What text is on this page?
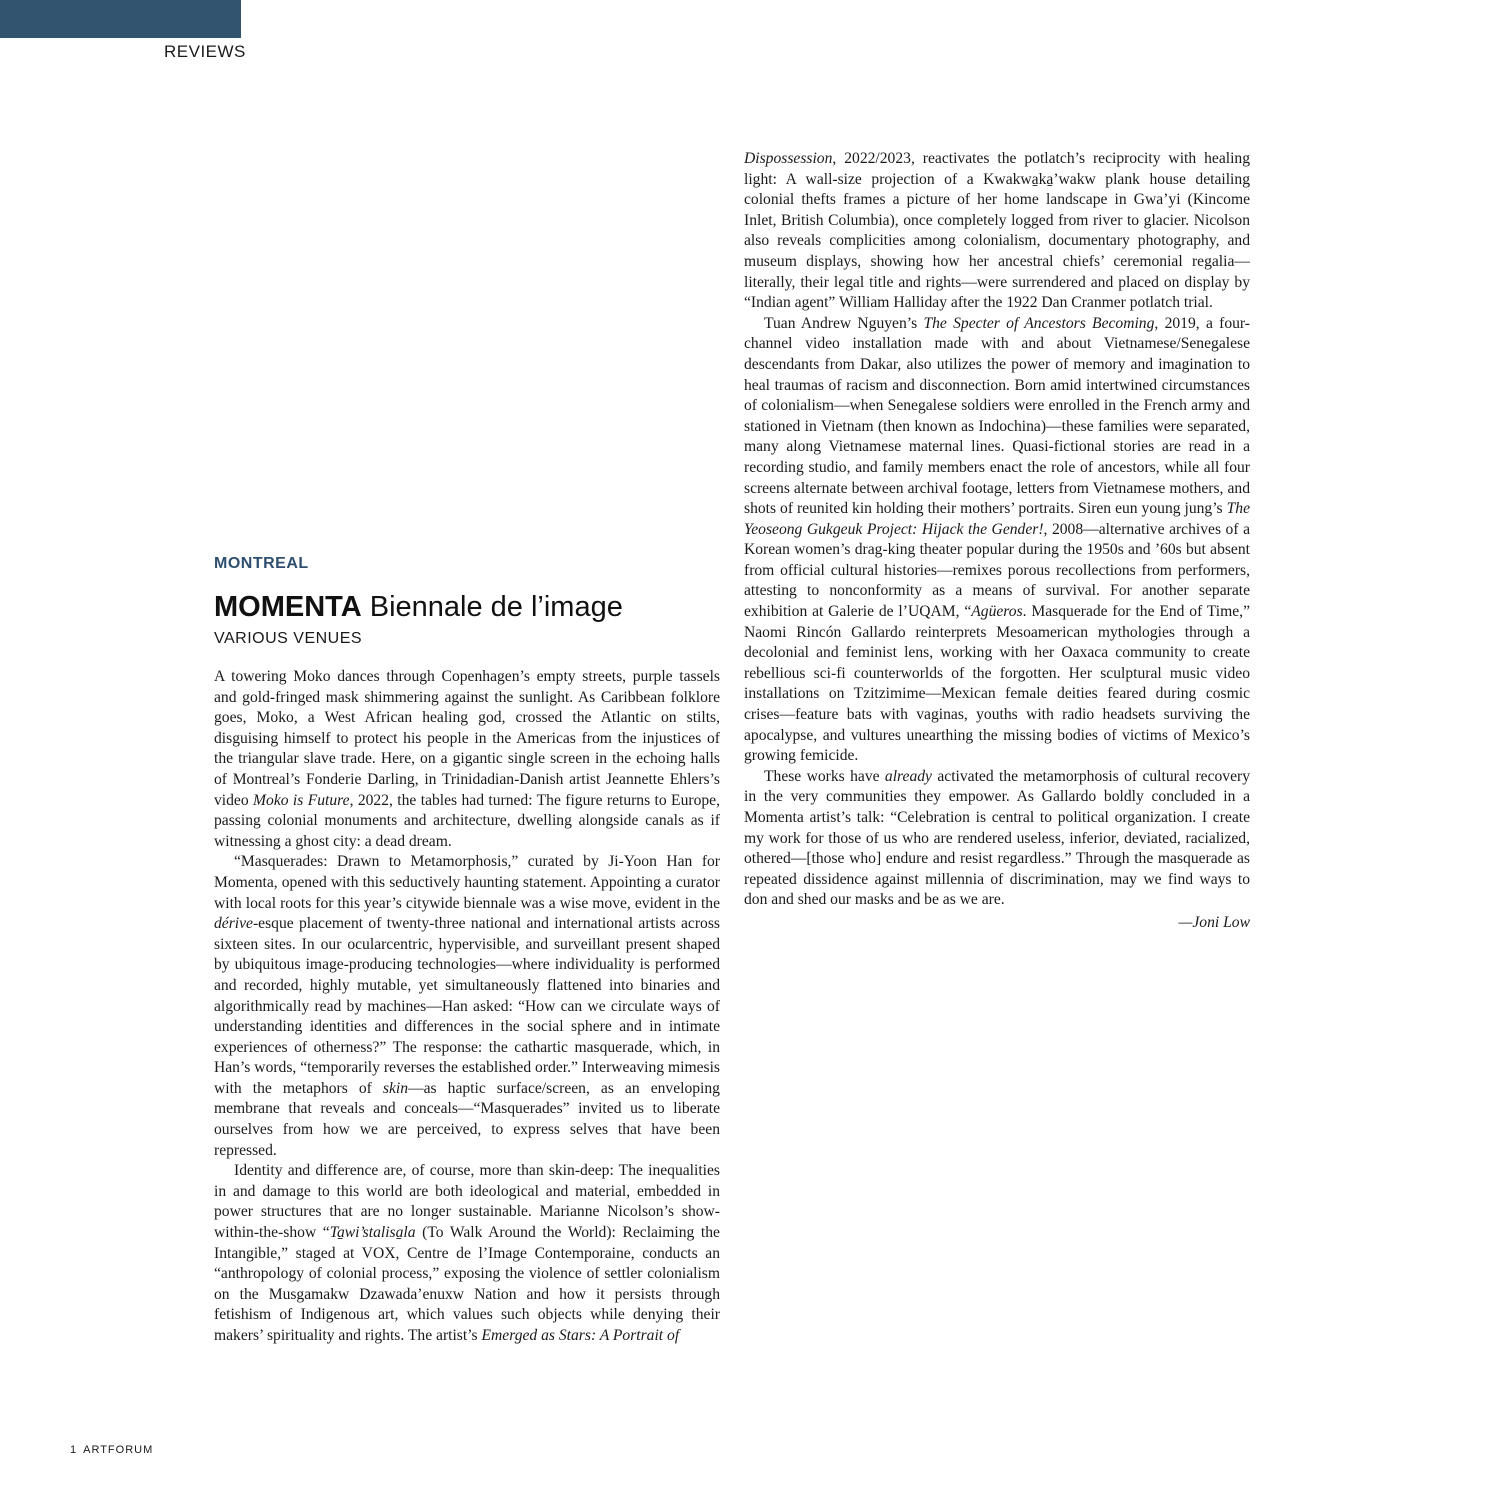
REVIEWS
MONTREAL
MOMENTA Biennale de l’image
VARIOUS VENUES

A towering Moko dances through Copenhagen’s empty streets, purple tassels and gold-fringed mask shimmering against the sunlight. As Caribbean folklore goes, Moko, a West African healing god, crossed the Atlantic on stilts, disguising himself to protect his people in the Americas from the injustices of the triangular slave trade. Here, on a gigantic single screen in the echoing halls of Montreal’s Fonderie Darling, in Trinidadian-Danish artist Jeannette Ehlers’s video Moko is Future, 2022, the tables had turned: The figure returns to Europe, passing colonial monuments and architecture, dwelling alongside canals as if witnessing a ghost city: a dead dream.

“Masquerades: Drawn to Metamorphosis,” curated by Ji-Yoon Han for Momenta, opened with this seductively haunting statement. Appointing a curator with local roots for this year’s citywide biennale was a wise move, evident in the dérive-esque placement of twenty-three national and international artists across sixteen sites. In our ocularcentric, hypervisible, and surveillant present shaped by ubiquitous image-producing technologies—where individuality is performed and recorded, highly mutable, yet simultaneously flattened into binaries and algorithmically read by machines—Han asked: “How can we circulate ways of understanding identities and differences in the social sphere and in intimate experiences of otherness?” The response: the cathartic masquerade, which, in Han’s words, “temporarily reverses the established order.” Interweaving mimesis with the metaphors of skin—as haptic surface/screen, as an enveloping membrane that reveals and conceals—“Masquerades” invited us to liberate ourselves from how we are perceived, to express selves that have been repressed.

Identity and difference are, of course, more than skin-deep: The inequalities in and damage to this world are both ideological and material, embedded in power structures that are no longer sustainable. Marianne Nicolson’s show-within-the-show “Ta̱wi’stalisa̱la (To Walk Around the World): Reclaiming the Intangible,” staged at VOX, Centre de l’Image Contemporaine, conducts an “anthropology of colonial process,” exposing the violence of settler colonialism on the Musgamakw Dzawada’enuxw Nation and how it persists through fetishism of Indigenous art, which values such objects while denying their makers’ spirituality and rights. The artist’s Emerged as Stars: A Portrait of

Dispossession, 2022/2023, reactivates the potlatch’s reciprocity with healing light: A wall-size projection of a Kwakwa̱ka̱’wakw plank house detailing colonial thefts frames a picture of her home landscape in Gwa’yi (Kincome Inlet, British Columbia), once completely logged from river to glacier. Nicolson also reveals complicities among colonialism, documentary photography, and museum displays, showing how her ancestral chiefs’ ceremonial regalia—literally, their legal title and rights—were surrendered and placed on display by “Indian agent” William Halliday after the 1922 Dan Cranmer potlatch trial.

Tuan Andrew Nguyen’s The Specter of Ancestors Becoming, 2019, a four-channel video installation made with and about Vietnamese/Senegalese descendants from Dakar, also utilizes the power of memory and imagination to heal traumas of racism and disconnection. Born amid intertwined circumstances of colonialism—when Senegalese soldiers were enrolled in the French army and stationed in Vietnam (then known as Indochina)—these families were separated, many along Vietnamese maternal lines. Quasi-fictional stories are read in a recording studio, and family members enact the role of ancestors, while all four screens alternate between archival footage, letters from Vietnamese mothers, and shots of reunited kin holding their mothers’ portraits. Siren eun young jung’s The Yeoseong Gukgeuk Project: Hijack the Gender!, 2008—alternative archives of a Korean women’s drag-king theater popular during the 1950s and ’60s but absent from official cultural histories—remixes porous recollections from performers, attesting to nonconformity as a means of survival. For another separate exhibition at Galerie de l’UQAM, “Agüeros. Masquerade for the End of Time,” Naomi Rincón Gallardo reinterprets Mesoamerican mythologies through a decolonial and feminist lens, working with her Oaxaca community to create rebellious sci-fi counterworlds of the forgotten. Her sculptural music video installations on Tzitzimime—Mexican female deities feared during cosmic crises—feature bats with vaginas, youths with radio headsets surviving the apocalypse, and vultures unearthing the missing bodies of victims of Mexico’s growing femicide.

These works have already activated the metamorphosis of cultural recovery in the very communities they empower. As Gallardo boldly concluded in a Momenta artist’s talk: “Celebration is central to political organization. I create my work for those of us who are rendered useless, inferior, deviated, racialized, othered—[those who] endure and resist regardless.” Through the masquerade as repeated dissidence against millennia of discrimination, may we find ways to don and shed our masks and be as we are.

—Joni Low
1 ARTFORUM
